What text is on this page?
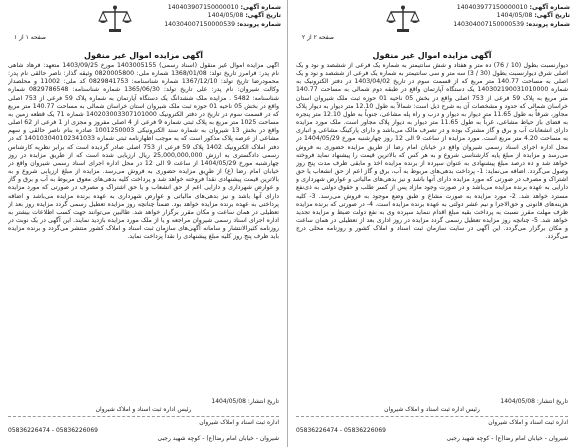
شماره آگهی: 140403907150000010
تاریخ آگهی: 1404/05/08
شماره پرونده: 140304007150000539
صفحه ۱ از ۱
آگهی مزایده اموال غیر منقول

آگهی مزایده اموال غیر منقول (اسناد رسمی) 1403005155 مورخ 1403/09/25 متعهد: فرهاد شاهی نام پدر: فرامرز تاریخ تولد: 1368/01/08 شماره ملی: 0820005800 وثیقه گذار: ناصر حالقی نام پدر: محمودرضا تاریخ تولد: 1367/12/10 شماره شناسنامه: 0829841753 کد ملی: 11002 و محلصدار وکالت شیروان: نام پدر: علی تاریخ تولد: 1365/06/30 شماره شناسنامه: 0829786548 شماره شناسنامه: 5482 . مزایده ملک ششدانگ یک دستگاه آپارتمان به شماره پلاک 59 فرعی از 753 اصلی واقع در بخش 05 ناحیه 01 حوزه ثبت ملک شیروان استان خراسان شمالی به مساحت 140.77 متر مربع که در قسمت سوم در تاریخ در دفتر الکترونیک 140203003307101000 شماره 71 یک قطعه زمین به مساحت 1025 متر مربع به پلاک ثبتی شماره 9 فرعی از 4 اصلی مفروز و مجزی از 1 فرعی از 62 اصلی واقع در بخش 13 شیروان به شماره سند الکترونیکی 1001250003 صادره بنام ناصر حالقی و سهم مشاعی از عرصه پلاک مذکور است که به موجب اظهارنامه ثبتی شماره 140103040102341033 که در دفتر املاک الکترونیک 1402 پلاک 59 فرعی از 753 اصلی صادر گردیده است که برابر نظریه کارشناس رسمی دادگستری به ارزش 25,000,000,000 ریال ارزیابی شده است که از طریق مزایده در روز چهارشنبه مورخ 1404/05/29 از ساعت 9 الی 12 در محل اداره اجرای اسناد رسمی شیروان واقع در خیابان امام رضا (ع) از طریق مزایده حضوری به فروش می‌رسد. مزایده از مبلغ ارزیابی شروع و به بالاترین قیمت پیشنهادی نقداً فروخته خواهد شد و پرداخت کلیه بدهی‌های معوق مربوط به آب و برق و گاز و عوارض شهرداری و دارایی اعم از حق انشعاب و یا حق اشتراک و مصرف در صورتی که مورد مزایده دارای آنها باشد و نیز بدهی‌های مالیاتی و عوارض شهرداری به عهده برنده مزایده می‌باشد و اضافه پرداختی به عهده برنده مزایده خواهد بود. ضمناً چنانچه روز مزایده تعطیل رسمی گردد مزایده روز بعد از تعطیلی در همان ساعت و مکان مقرر برگزار خواهد شد. طالبین می‌توانند جهت کسب اطلاعات بیشتر به اداره اجرای اسناد رسمی شیروان مراجعه و یا از ملک مورد مزایده بازدید نمایند. این آگهی در یک نوبت در روزنامه کثیرالانتشار و سامانه آگهی‌های سازمان ثبت اسناد و املاک کشور منتشر می‌گردد و برنده مزایده باید ظرف پنج روز کلیه مبلغ پیشنهادی را نقداً پرداخت نماید.

تاریخ انتشار: 1404/05/08
رئیس اداره ثبت اسناد و املاک شیروان
اداره ثبت اسناد و املاک شیروان
05836226474 - 05836226069
شیروان - خیابان امام رضا(ع) - کوچه شهید رجبی
شماره آگهی: 140403977150000010
تاریخ آگهی: 1404/05/08
شماره پرونده: 140304007150000539
صفحه ۲ از ۲
آگهی مزایده اموال غیر منقول

دیوارنسبت بطول (10 / 76) ده متر و هفتاد و شش سانتیمتر به شماره یک فرعی از ششصد و نود و یک اصلی شرق دیوارنسبت بطول (30 / 3) سه متر و سی سانتیمتر به شماره یک فرعی از ششصد و نود و یک اصلی به مساحت 140.77 متر مربع که از قسمت سوم در تاریخ 1403/04/02 در دفتر الکترونیک به شماره 140302190031010000 یک دستگاه آپارتمان واقع در طبقه دوم شمالی به مساحت 140.77 متر مربع به پلاک 59 فرعی از 753 اصلی واقع در بخش 05 ناحیه 01 حوزه ثبت ملک شیروان استان خراسان شمالی که حدود و مشخصات آن به شرح ذیل است: شمالاً به طول 12.10 متر دیوار به دیوار پلاک مجاور، شرقاً به طول 11.65 متر دیوار به دیوار و درب و راه پله مشاعی، جنوباً به طول 12.10 متر پنجره به فضای باز حیاط مشاعی، غرباً به طول 11.65 متر دیوار به دیوار پلاک مجاور است. ملک مورد مزایده دارای انشعابات آب و برق و گاز مشترک بوده و در تصرف مالک می‌باشد و دارای پارکینگ مشاعی و انباری به مساحت 4.20 متر مربع است. مورد مزایده از ساعت 9 الی 12 روز چهارشنبه مورخ 1404/05/29 در محل اداره اجرای اسناد رسمی شیروان واقع در خیابان امام رضا از طریق مزایده حضوری به فروش می‌رسد و مزایده از مبلغ پایه کارشناسی شروع و به هر کس که بالاترین قیمت را پیشنهاد نماید فروخته خواهد شد و ده درصد مبلغ پیشنهادی به عنوان سپرده از برنده مزایده اخذ و مابقی ظرف مدت پنج روز وصول می‌گردد. اضافه می‌نماید: 1- پرداخت بدهی‌های مربوط به آب، برق و گاز اعم از حق انشعاب یا حق اشتراک و مصرف در صورتی که مورد مزایده دارای آنها باشد و نیز بدهی‌های مالیاتی و عوارض شهرداری و دارایی به عهده برنده مزایده می‌باشد و در صورت وجود مازاد پس از کسر طلب و حقوق دولتی به ذی‌نفع مسترد خواهد شد. 2- مورد مزایده به صورت مشاع و طبق وضع موجود به فروش می‌رسد. 3- کلیه هزینه‌های قانونی و حق‌الاجرا و نیم عشر دولتی به عهده برنده مزایده است. 4- در صورتی که برنده مزایده ظرف مهلت مقرر نسبت به پرداخت بقیه مبلغ اقدام ننماید سپرده وی به نفع دولت ضبط و مزایده تجدید خواهد شد. 5- چنانچه روز مزایده تعطیل رسمی گردد مزایده در روز اداری بعد از تعطیلی در همان ساعت و مکان برگزار می‌گردد. این آگهی در سایت سازمان ثبت اسناد و املاک کشور و روزنامه محلی درج می‌گردد.

تاریخ انتشار: 1404/05/08
رئیس اداره ثبت اسناد و املاک شیروان
اداره ثبت اسناد و املاک شیروان
05836226474 - 05836226069
شیروان - خیابان امام رضا(ع) - کوچه شهید رجبی
